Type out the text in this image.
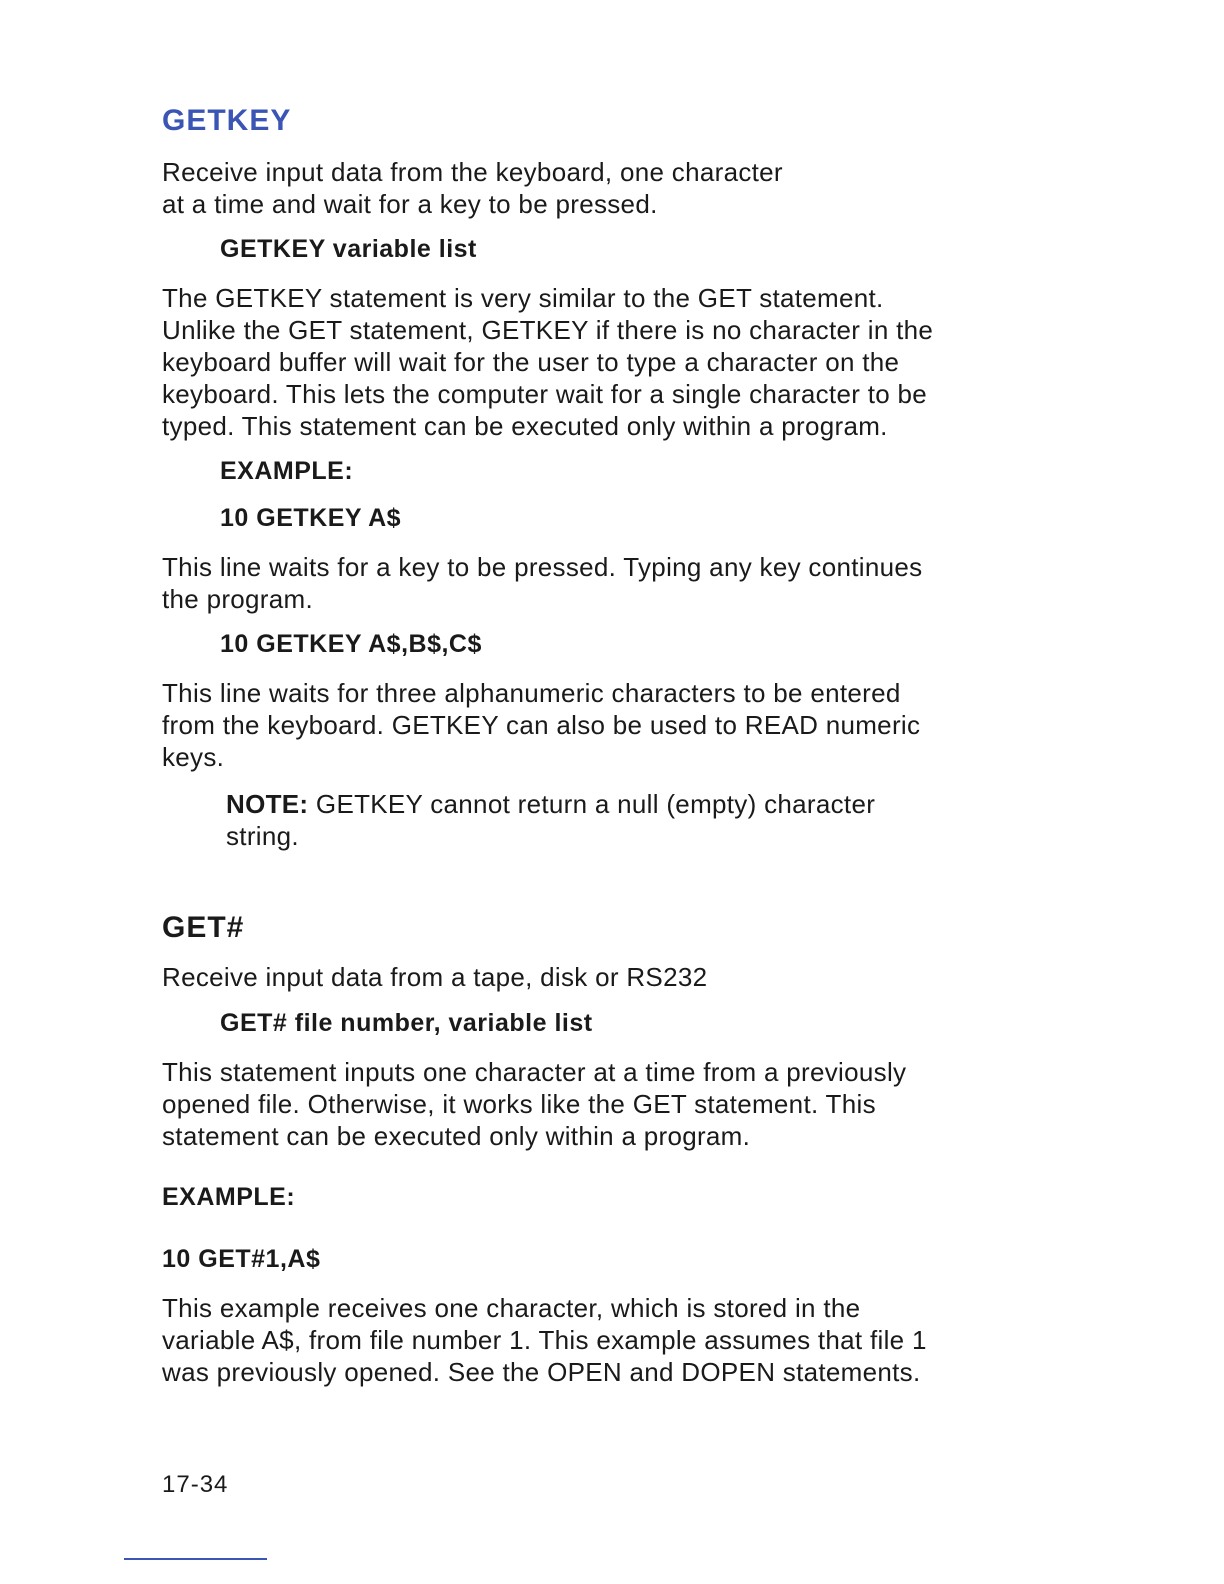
GETKEY

Receive input data from the keyboard, one character
at a time and wait for a key to be pressed.

GETKEY variable list

The GETKEY statement is very similar to the GET statement.
Unlike the GET statement, GETKEY if there is no character in the
keyboard buffer will wait for the user to type a character on the
keyboard. This lets the computer wait for a single character to be
typed. This statement can be executed only within a program.

EXAMPLE:

10 GETKEY A$

This line waits for a key to be pressed. Typing any key continues
the program.

10 GETKEY A$,B$,C$

This line waits for three alphanumeric characters to be entered
from the keyboard. GETKEY can also be used to READ numeric
keys.

NOTE: GETKEY cannot return a null (empty) character
string.

GET#

Receive input data from a tape, disk or RS232

GET# file number, variable list

This statement inputs one character at a time from a previously
opened file. Otherwise, it works like the GET statement. This
statement can be executed only within a program.

EXAMPLE:

10 GET#1,A$

This example receives one character, which is stored in the
variable A$, from file number 1. This example assumes that file 1
was previously opened. See the OPEN and DOPEN statements.

17-34
